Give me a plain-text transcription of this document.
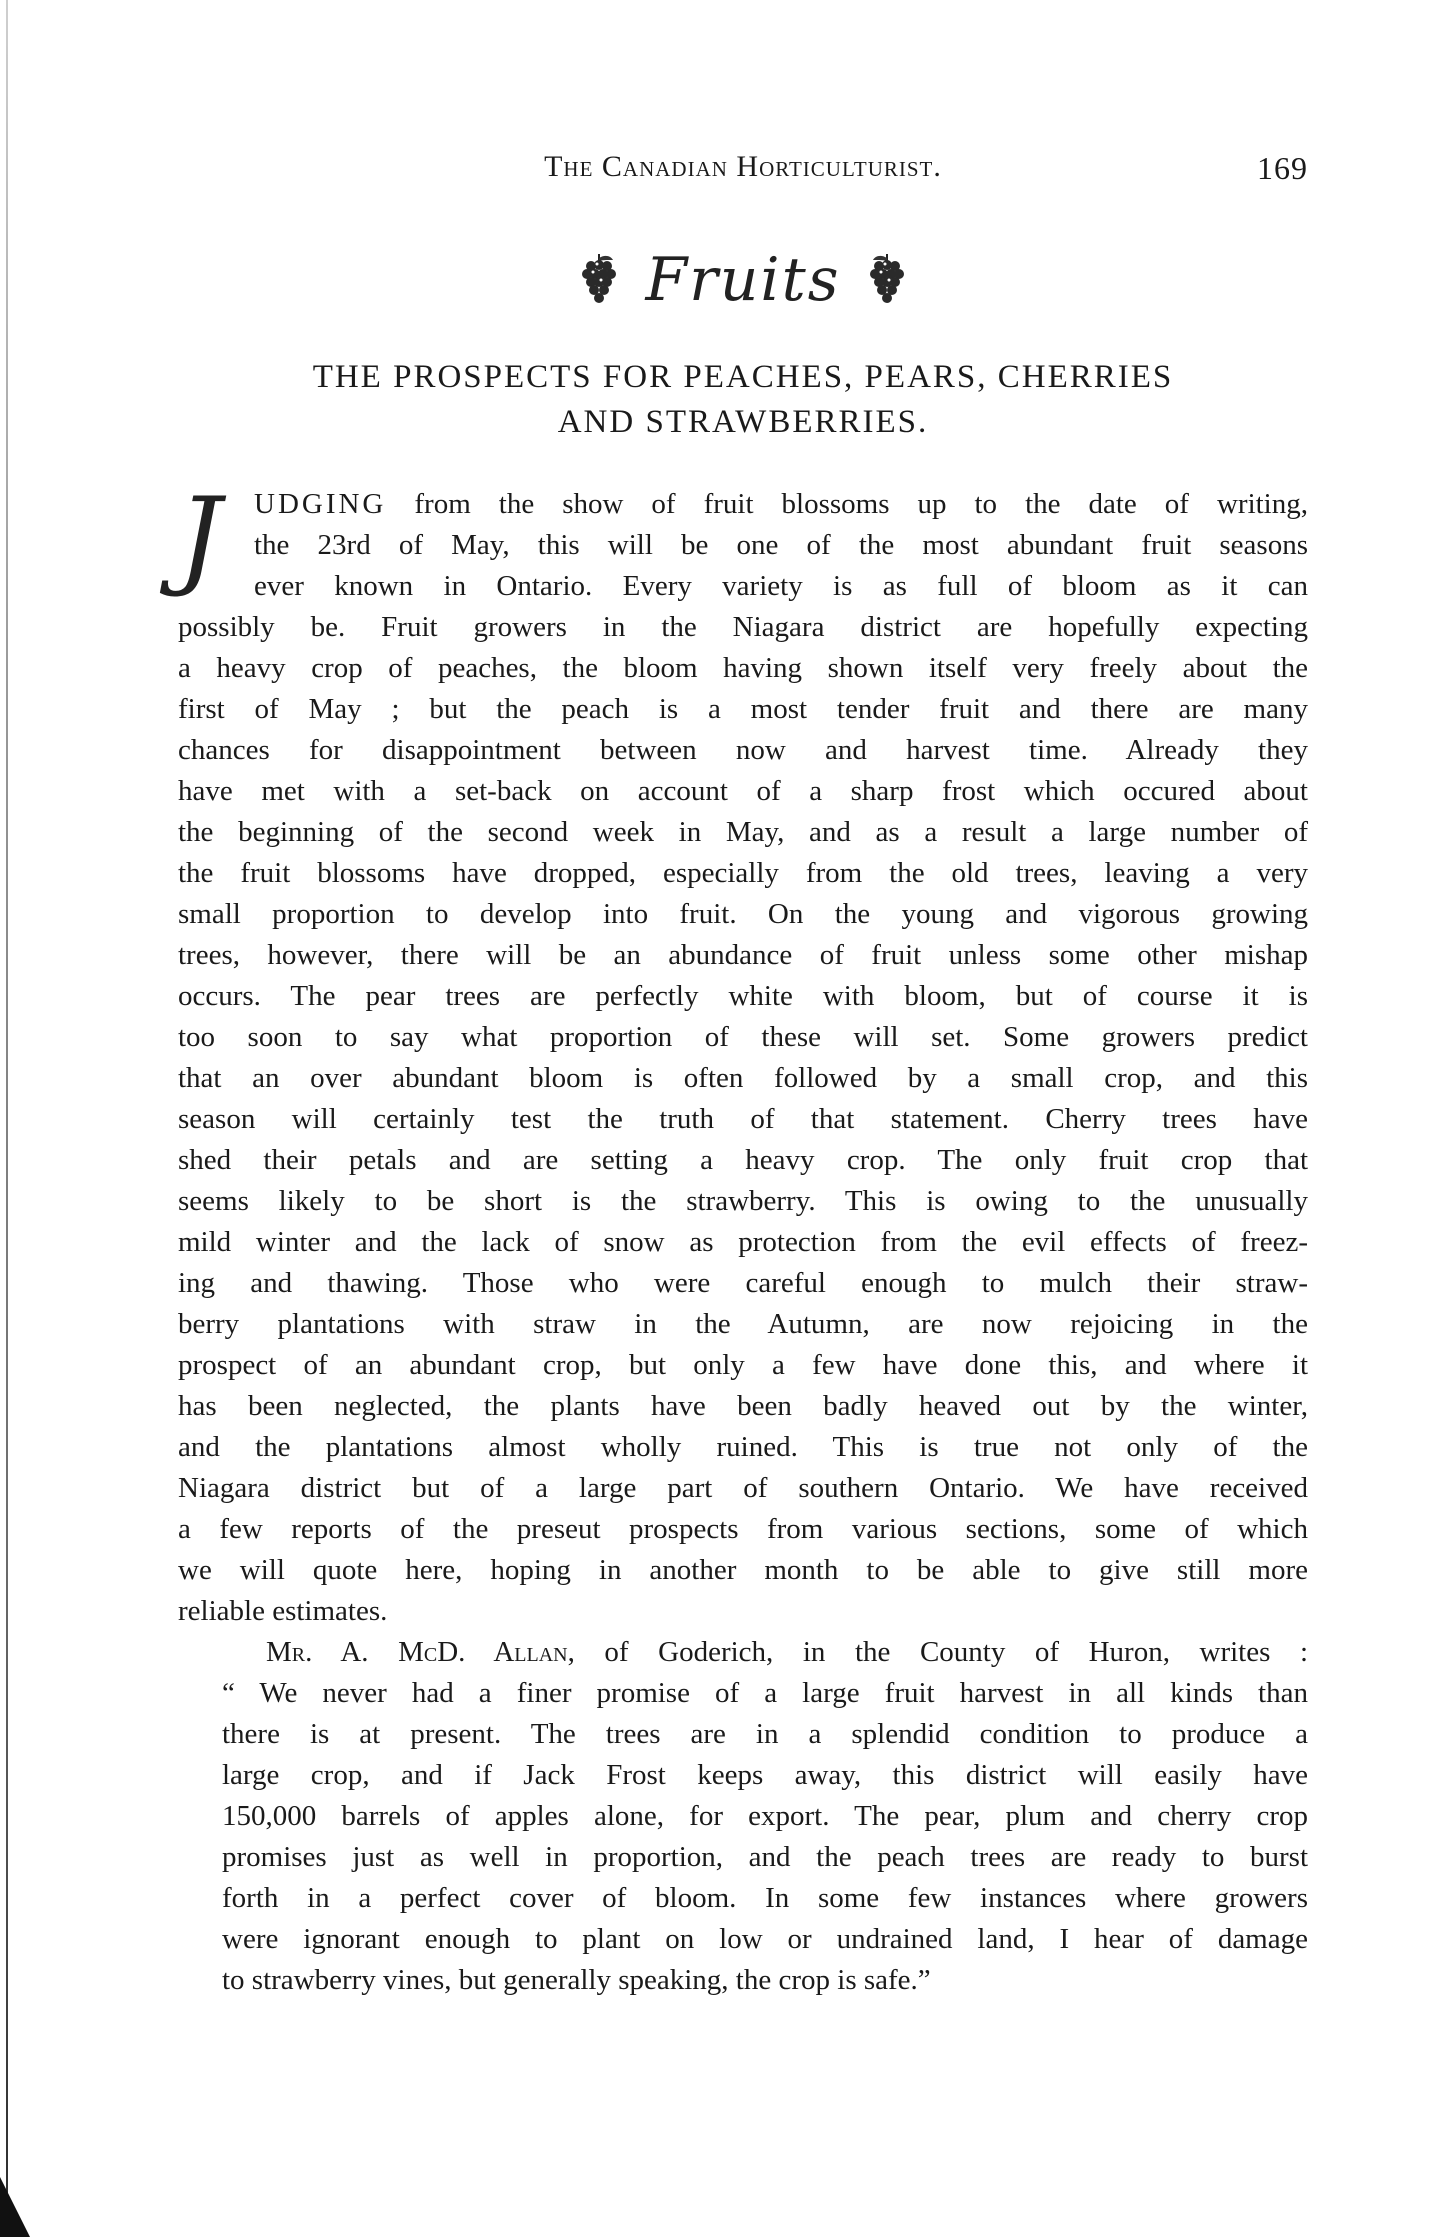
The Canadian Horticulturist.	169
Fruits
THE PROSPECTS FOR PEACHES, PEARS, CHERRIES
AND STRAWBERRIES.

J	UDGING from the show of fruit blossoms up to the date of writing,
the 23rd of May, this will be one of the most abundant fruit seasons
ever known in Ontario. Every variety is as full of bloom as it can
possibly be. Fruit growers in the Niagara district are hopefully expecting
a heavy crop of peaches, the bloom having shown itself very freely about the
first of May ; but the peach is a most tender fruit and there are many
chances for disappointment between now and harvest time. Already they
have met with a set-back on account of a sharp frost which occured about
the beginning of the second week in May, and as a result a large number of
the fruit blossoms have dropped, especially from the old trees, leaving a very
small proportion to develop into fruit. On the young and vigorous growing
trees, however, there will be an abundance of fruit unless some other mishap
occurs. The pear trees are perfectly white with bloom, but of course it is
too soon to say what proportion of these will set. Some growers predict
that an over abundant bloom is often followed by a small crop, and this
season will certainly test the truth of that statement. Cherry trees have
shed their petals and are setting a heavy crop. The only fruit crop that
seems likely to be short is the strawberry. This is owing to the unusually
mild winter and the lack of snow as protection from the evil effects of freez-
ing and thawing. Those who were careful enough to mulch their straw-
berry plantations with straw in the Autumn, are now rejoicing in the
prospect of an abundant crop, but only a few have done this, and where it
has been neglected, the plants have been badly heaved out by the winter,
and the plantations almost wholly ruined. This is true not only of the
Niagara district but of a large part of southern Ontario. We have received
a few reports of the preseut prospects from various sections, some of which
we will quote here, hoping in another month to be able to give still more
reliable estimates.

Mr. A. McD. Allan, of Goderich, in the County of Huron, writes :
“ We never had a finer promise of a large fruit harvest in all kinds than
there is at present. The trees are in a splendid condition to produce a
large crop, and if Jack Frost keeps away, this district will easily have
150,000 barrels of apples alone, for export. The pear, plum and cherry crop
promises just as well in proportion, and the peach trees are ready to burst
forth in a perfect cover of bloom. In some few instances where growers
were ignorant enough to plant on low or undrained land, I hear of damage
to strawberry vines, but generally speaking, the crop is safe.”
